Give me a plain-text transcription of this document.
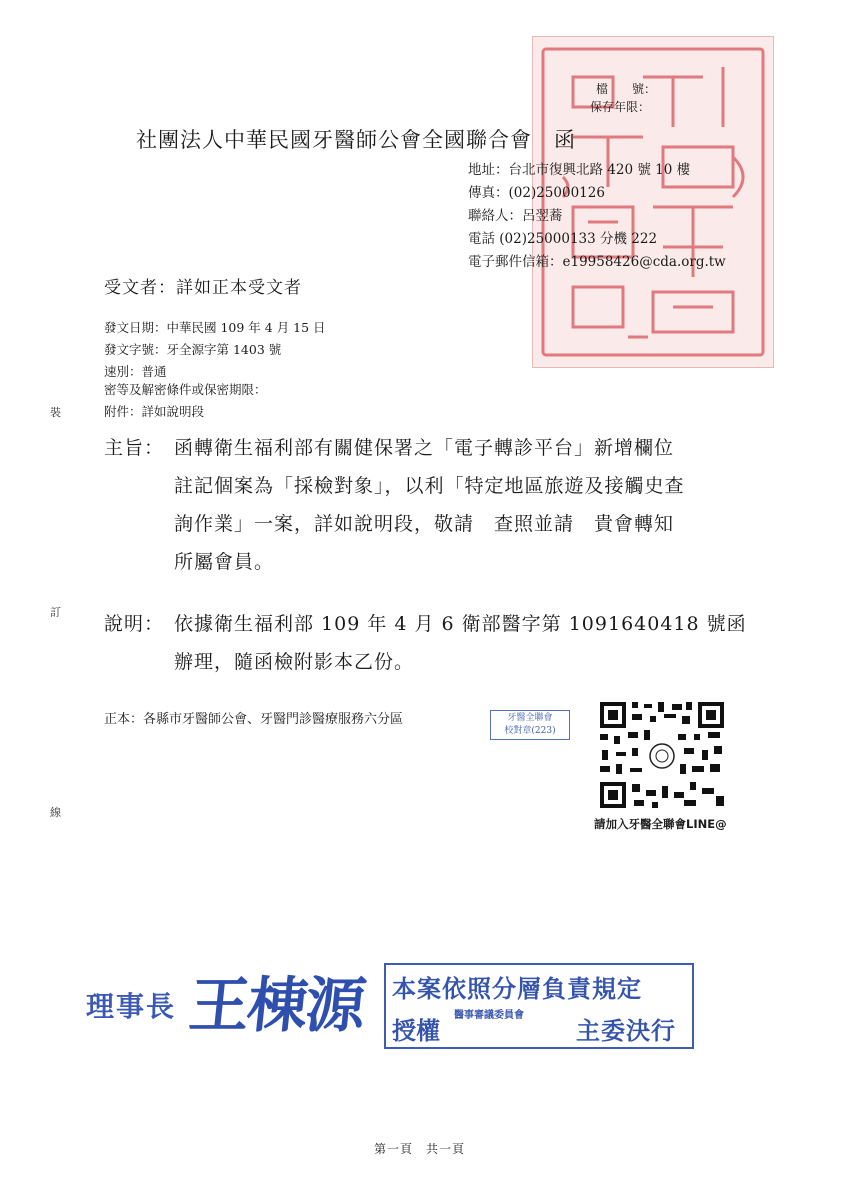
檔　　號：
保存年限：
社團法人中華民國牙醫師公會全國聯合會　函
地址：台北市復興北路 420 號 10 樓
傳真：(02)25000126
聯絡人：呂翌蕎
電話 (02)25000133 分機 222
電子郵件信箱：e19958426@cda.org.tw
受文者：詳如正本受文者
發文日期：中華民國 109 年 4 月 15 日
發文字號：牙全源字第 1403 號
速別：普通
密等及解密條件或保密期限：
附件：詳如說明段
主旨： 函轉衛生福利部有關健保署之「電子轉診平台」新增欄位
註記個案為「採檢對象」，以利「特定地區旅遊及接觸史查
詢作業」一案，詳如說明段，敬請　查照並請　貴會轉知
所屬會員。
說明： 依據衛生福利部 109 年 4 月 6 衛部醫字第 1091640418 號函
辦理，隨函檢附影本乙份。
正本：各縣市牙醫師公會、牙醫門診醫療服務六分區	牙醫全聯會
校對章(223)
請加入牙醫全聯會LINE@
裝
訂
線
理事長 王棟源 本案依照分層負責規定
授權
醫事審議委員會
主委決行
第一頁　共一頁
